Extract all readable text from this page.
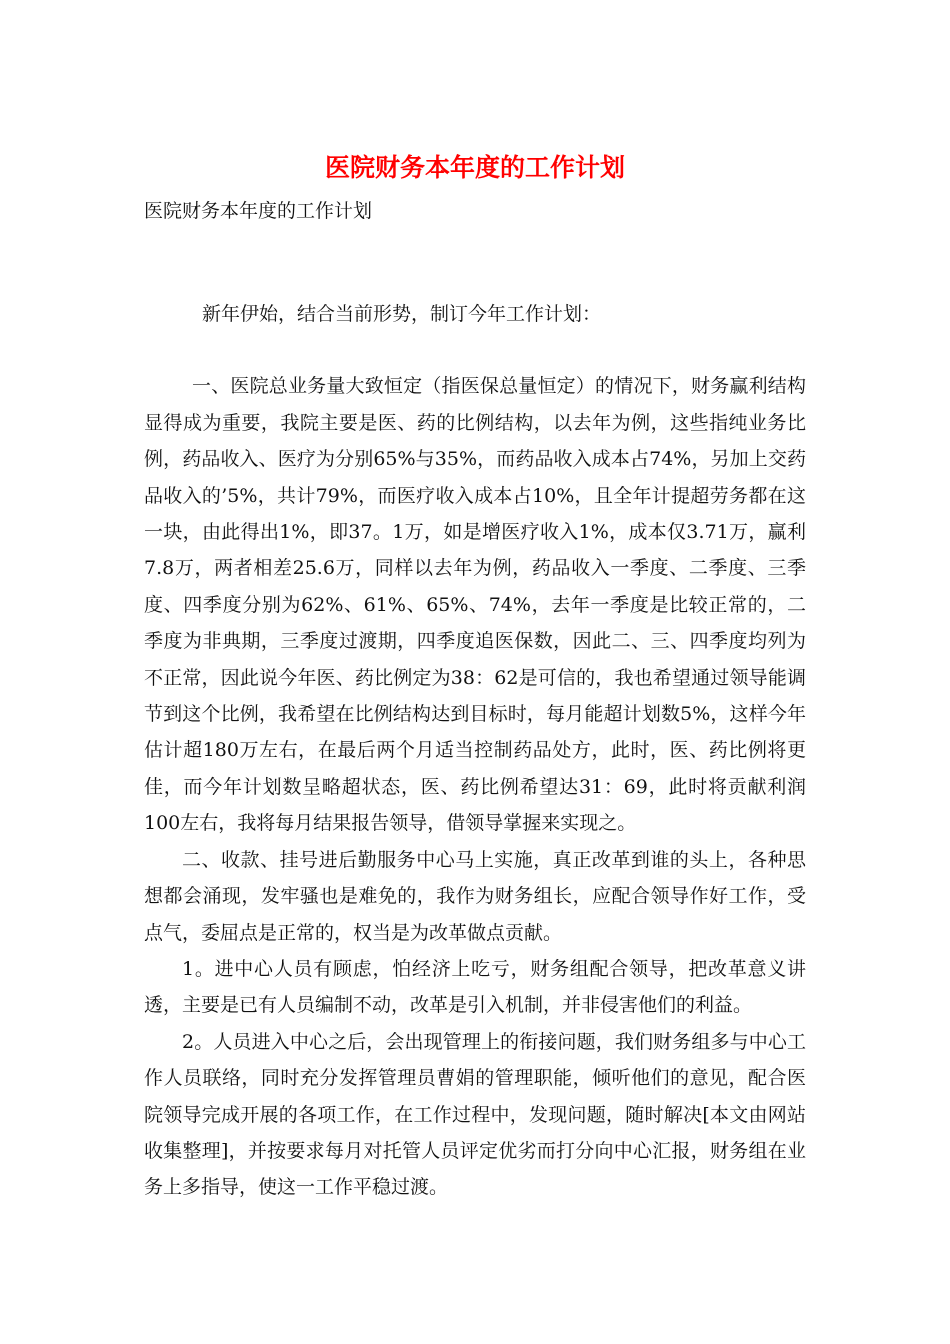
医院财务本年度的工作计划

医院财务本年度的工作计划

新年伊始，结合当前形势，制订今年工作计划：

一、医院总业务量大致恒定（指医保总量恒定）的情况下，财务赢利结构显得成为重要，我院主要是医、药的比例结构，以去年为例，这些指纯业务比例，药品收入、医疗为分别65%与35%，而药品收入成本占74%，另加上交药品收入的’5%，共计79%，而医疗收入成本占10%，且全年计提超劳务都在这一块，由此得出1%，即37。1万，如是增医疗收入1%，成本仅3.71万，赢利7.8万，两者相差25.6万，同样以去年为例，药品收入一季度、二季度、三季度、四季度分别为62%、61%、65%、74%，去年一季度是比较正常的，二季度为非典期，三季度过渡期，四季度追医保数，因此二、三、四季度均列为不正常，因此说今年医、药比例定为38：62是可信的，我也希望通过领导能调节到这个比例，我希望在比例结构达到目标时，每月能超计划数5%，这样今年估计超180万左右，在最后两个月适当控制药品处方，此时，医、药比例将更佳，而今年计划数呈略超状态，医、药比例希望达31：69，此时将贡献利润100左右，我将每月结果报告领导，借领导掌握来实现之。

二、收款、挂号进后勤服务中心马上实施，真正改革到谁的头上，各种思想都会涌现，发牢骚也是难免的，我作为财务组长，应配合领导作好工作，受点气，委屈点是正常的，权当是为改革做点贡献。

1。进中心人员有顾虑，怕经济上吃亏，财务组配合领导，把改革意义讲透，主要是已有人员编制不动，改革是引入机制，并非侵害他们的利益。

2。人员进入中心之后，会出现管理上的衔接问题，我们财务组多与中心工作人员联络，同时充分发挥管理员曹娟的管理职能，倾听他们的意见，配合医院领导完成开展的各项工作，在工作过程中，发现问题，随时解决[本文由网站收集整理]，并按要求每月对托管人员评定优劣而打分向中心汇报，财务组在业务上多指导，使这一工作平稳过渡。
